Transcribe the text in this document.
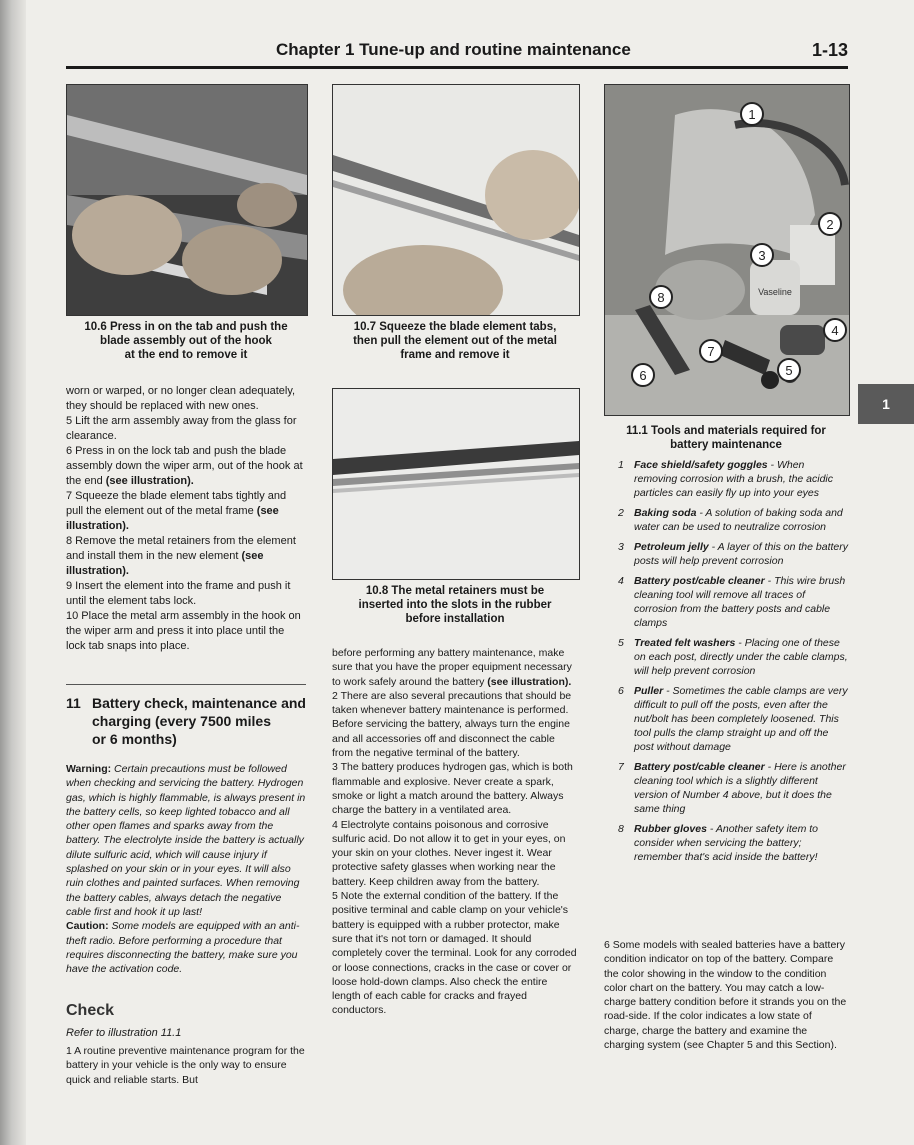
Chapter 1 Tune-up and routine maintenance	1-13
10.6 Press in on the tab and push the
blade assembly out of the hook
at the end to remove it
10.7 Squeeze the blade element tabs,
then pull the element out of the metal
frame and remove it
10.8 The metal retainers must be
inserted into the slots in the rubber
before installation
Vaseline
1
2
3
4
5
6
7
8
11.1 Tools and materials required for
battery maintenance

worn or warped, or no longer clean adequately, they should be replaced with new ones.

5 Lift the arm assembly away from the glass for clearance.

6 Press in on the lock tab and push the blade assembly down the wiper arm, out of the hook at the end (see illustration).

7 Squeeze the blade element tabs tightly and pull the element out of the metal frame (see illustration).

8 Remove the metal retainers from the element and install them in the new element (see illustration).

9 Insert the element into the frame and push it until the element tabs lock.

10 Place the metal arm assembly in the hook on the wiper arm and press it into place until the lock tab snaps into place.

11 Battery check, maintenance and
charging (every 7500 miles
or 6 months)

Warning: Certain precautions must be followed when checking and servicing the battery. Hydrogen gas, which is highly flammable, is always present in the battery cells, so keep lighted tobacco and all other open flames and sparks away from the battery. The electrolyte inside the battery is actually dilute sulfuric acid, which will cause injury if splashed on your skin or in your eyes. It will also ruin clothes and painted surfaces. When removing the battery cables, always detach the negative cable first and hook it up last!

Caution: Some models are equipped with an anti-theft radio. Before performing a procedure that requires disconnecting the battery, make sure you have the activation code.

Check
Refer to illustration 11.1
1 A routine preventive maintenance program for the battery in your vehicle is the only way to ensure quick and reliable starts. But

before performing any battery maintenance, make sure that you have the proper equipment necessary to work safely around the battery (see illustration).

2 There are also several precautions that should be taken whenever battery maintenance is performed. Before servicing the battery, always turn the engine and all accessories off and disconnect the cable from the negative terminal of the battery.

3 The battery produces hydrogen gas, which is both flammable and explosive. Never create a spark, smoke or light a match around the battery. Always charge the battery in a ventilated area.

4 Electrolyte contains poisonous and corrosive sulfuric acid. Do not allow it to get in your eyes, on your skin on your clothes. Never ingest it. Wear protective safety glasses when working near the battery. Keep children away from the battery.

5 Note the external condition of the battery. If the positive terminal and cable clamp on your vehicle's battery is equipped with a rubber protector, make sure that it's not torn or damaged. It should completely cover the terminal. Look for any corroded or loose connections, cracks in the case or cover or loose hold-down clamps. Also check the entire length of each cable for cracks and frayed conductors.

1 Face shield/safety goggles - When removing corrosion with a brush, the acidic particles can easily fly up into your eyes
2 Baking soda - A solution of baking soda and water can be used to neutralize corrosion
3 Petroleum jelly - A layer of this on the battery posts will help prevent corrosion
4 Battery post/cable cleaner - This wire brush cleaning tool will remove all traces of corrosion from the battery posts and cable clamps
5 Treated felt washers - Placing one of these on each post, directly under the cable clamps, will help prevent corrosion
6 Puller - Sometimes the cable clamps are very difficult to pull off the posts, even after the nut/bolt has been completely loosened. This tool pulls the clamp straight up and off the post without damage
7 Battery post/cable cleaner - Here is another cleaning tool which is a slightly different version of Number 4 above, but it does the same thing
8 Rubber gloves - Another safety item to consider when servicing the battery; remember that's acid inside the battery!
6 Some models with sealed batteries have a battery condition indicator on top of the battery. Compare the color showing in the window to the condition color chart on the battery. You may catch a low-charge battery condition before it strands you on the road-side. If the color indicates a low state of charge, charge the battery and examine the charging system (see Chapter 5 and this Section).
1
